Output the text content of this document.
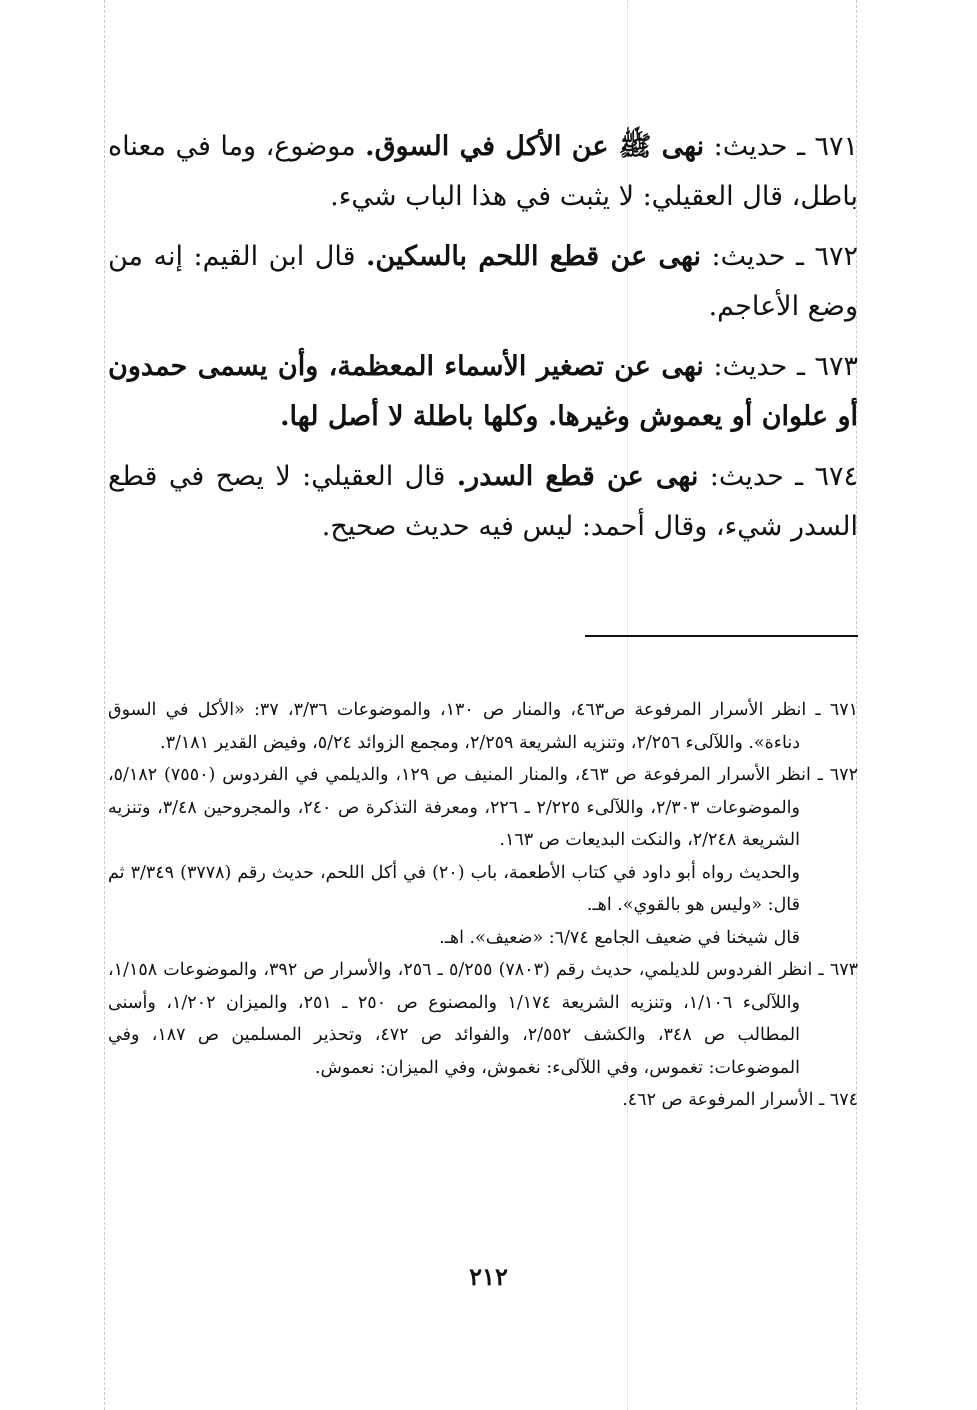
٦٧١ ـ حديث: نهى ﷺ عن الأكل في السوق. موضوع، وما في معناه باطل، قال العقيلي: لا يثبت في هذا الباب شيء.

٦٧٢ ـ حديث: نهى عن قطع اللحم بالسكين. قال ابن القيم: إنه من وضع الأعاجم.

٦٧٣ ـ حديث: نهى عن تصغير الأسماء المعظمة، وأن يسمى حمدون أو علوان أو يعموش وغيرها. وكلها باطلة لا أصل لها.

٦٧٤ ـ حديث: نهى عن قطع السدر. قال العقيلي: لا يصح في قطع السدر شيء، وقال أحمد: ليس فيه حديث صحيح.

٦٧١ ـ انظر الأسرار المرفوعة ص٤٦٣، والمنار ص ١٣٠، والموضوعات ٣/٣٦، ٣٧: «الأكل في السوق دناءة». واللآلىء ٢/٢٥٦، وتنزيه الشريعة ٢/٢٥٩، ومجمع الزوائد ٥/٢٤، وفيض القدير ٣/١٨١.

٦٧٢ ـ انظر الأسرار المرفوعة ص ٤٦٣، والمنار المنيف ص ١٢٩، والديلمي في الفردوس (٧٥٥٠) ٥/١٨٢، والموضوعات ٢/٣٠٣، واللآلىء ٢/٢٢٥ ـ ٢٢٦، ومعرفة التذكرة ص ٢٤٠، والمجروحين ٣/٤٨، وتنزيه الشريعة ٢/٢٤٨، والنكت البديعات ص ١٦٣.

والحديث رواه أبو داود في كتاب الأطعمة، باب (٢٠) في أكل اللحم، حديث رقم (٣٧٧٨) ٣/٣٤٩ ثم قال: «وليس هو بالقوي». اهـ.

قال شيخنا في ضعيف الجامع ٦/٧٤: «ضعيف». اهـ.

٦٧٣ ـ انظر الفردوس للديلمي، حديث رقم (٧٨٠٣) ٥/٢٥٥ ـ ٢٥٦، والأسرار ص ٣٩٢، والموضوعات ١/١٥٨، واللآلىء ١/١٠٦، وتنزيه الشريعة ١/١٧٤ والمصنوع ص ٢٥٠ ـ ٢٥١، والميزان ١/٢٠٢، وأسنى المطالب ص ٣٤٨، والكشف ٢/٥٥٢، والفوائد ص ٤٧٢، وتحذير المسلمين ص ١٨٧، وفي الموضوعات: تغموس، وفي اللآلىء: نغموش، وفي الميزان: نعموش.

٦٧٤ ـ الأسرار المرفوعة ص ٤٦٢.

٢١٢
